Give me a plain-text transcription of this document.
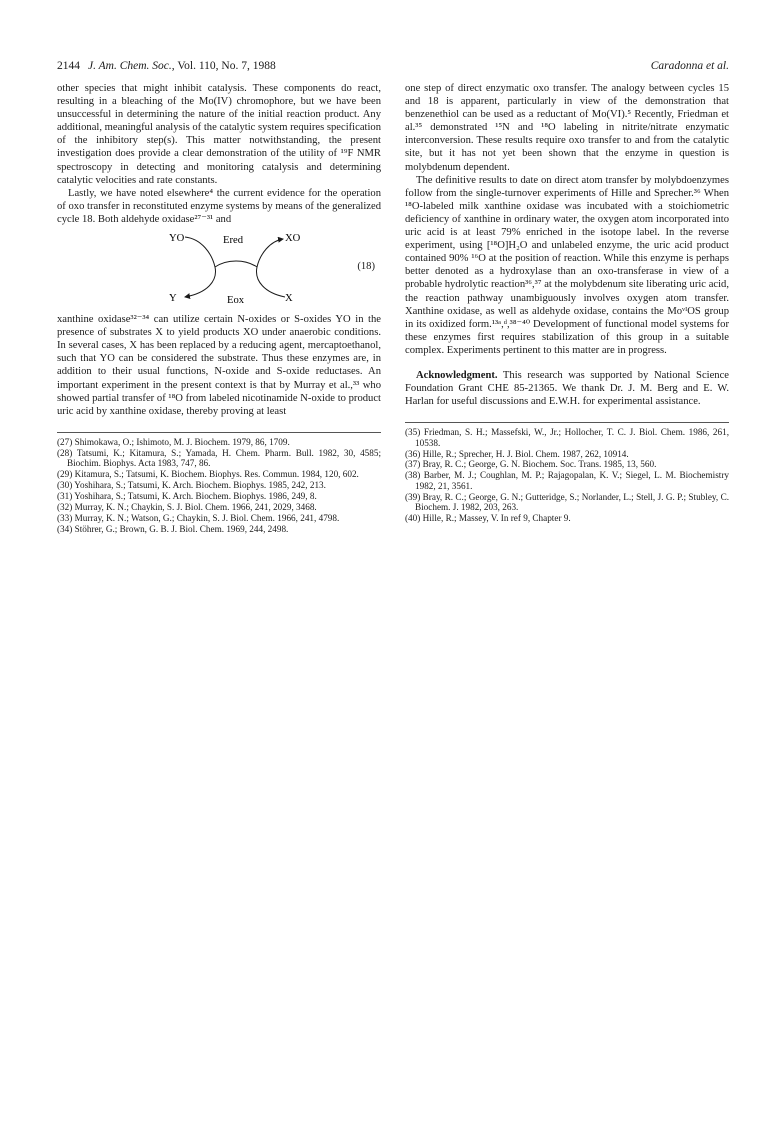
2144 J. Am. Chem. Soc., Vol. 110, No. 7, 1988	Caradonna et al.

other species that might inhibit catalysis. These components do react, resulting in a bleaching of the Mo(IV) chromophore, but we have been unsuccessful in determining the nature of the initial reaction product. Any additional, meaningful analysis of the catalytic system requires specification of the inhibitory step(s). This matter notwithstanding, the present investigation does provide a clear demonstration of the utility of ¹⁹F NMR spectroscopy in detecting and monitoring catalysis and determining catalytic velocities and rate constants.

Lastly, we have noted elsewhere⁴ the current evidence for the operation of oxo transfer in reconstituted enzyme systems by means of the generalized cycle 18. Both aldehyde oxidase²⁷⁻³¹ and

YO	Ered	XO
Y	Eox	X
(18)

xanthine oxidase³²⁻³⁴ can utilize certain N-oxides or S-oxides YO in the presence of substrates X to yield products XO under anaerobic conditions. In several cases, X has been replaced by a reducing agent, mercaptoethanol, such that YO can be considered the substrate. Thus these enzymes are, in addition to their usual functions, N-oxide and S-oxide reductases. An important experiment in the present context is that by Murray et al.,³³ who showed partial transfer of ¹⁸O from labeled nicotinamide N-oxide to product uric acid by xanthine oxidase, thereby proving at least

(27) Shimokawa, O.; Ishimoto, M. J. Biochem. 1979, 86, 1709.

(28) Tatsumi, K.; Kitamura, S.; Yamada, H. Chem. Pharm. Bull. 1982, 30, 4585; Biochim. Biophys. Acta 1983, 747, 86.

(29) Kitamura, S.; Tatsumi, K. Biochem. Biophys. Res. Commun. 1984, 120, 602.

(30) Yoshihara, S.; Tatsumi, K. Arch. Biochem. Biophys. 1985, 242, 213.

(31) Yoshihara, S.; Tatsumi, K. Arch. Biochem. Biophys. 1986, 249, 8.

(32) Murray, K. N.; Chaykin, S. J. Biol. Chem. 1966, 241, 2029, 3468.

(33) Murray, K. N.; Watson, G.; Chaykin, S. J. Biol. Chem. 1966, 241, 4798.

(34) Stöhrer, G.; Brown, G. B. J. Biol. Chem. 1969, 244, 2498.

one step of direct enzymatic oxo transfer. The analogy between cycles 15 and 18 is apparent, particularly in view of the demonstration that benzenethiol can be used as a reductant of Mo(VI).⁵ Recently, Friedman et al.³⁵ demonstrated ¹⁵N and ¹⁸O labeling in nitrite/nitrate enzymatic interconversion. These results require oxo transfer to and from the catalytic site, but it has not yet been shown that the enzyme in question is molybdenum dependent.

The definitive results to date on direct atom transfer by molybdoenzymes follow from the single-turnover experiments of Hille and Sprecher.³⁶ When ¹⁸O-labeled milk xanthine oxidase was incubated with a stoichiometric deficiency of xanthine in ordinary water, the oxygen atom incorporated into uric acid is at least 79% enriched in the isotope label. In the reverse experiment, using [¹⁸O]H₂O and unlabeled enzyme, the uric acid product contained 90% ¹⁶O at the position of reaction. While this enzyme is perhaps better denoted as a hydroxylase than an oxo-transferase in view of a probable hydrolytic reaction³⁶,³⁷ at the molybdenum site liberating uric acid, the reaction pathway unambiguously involves oxygen atom transfer. Xanthine oxidase, as well as aldehyde oxidase, contains the MoᵛᴵOS group in its oxidized form.¹³ᵃ,ᵈ,³⁸⁻⁴⁰ Development of functional model systems for these enzymes first requires stabilization of this group in a suitable complex. Experiments pertinent to this matter are in progress.

Acknowledgment. This research was supported by National Science Foundation Grant CHE 85-21365. We thank Dr. J. M. Berg and E. W. Harlan for useful discussions and E.W.H. for experimental assistance.

(35) Friedman, S. H.; Massefski, W., Jr.; Hollocher, T. C. J. Biol. Chem. 1986, 261, 10538.

(36) Hille, R.; Sprecher, H. J. Biol. Chem. 1987, 262, 10914.

(37) Bray, R. C.; George, G. N. Biochem. Soc. Trans. 1985, 13, 560.

(38) Barber, M. J.; Coughlan, M. P.; Rajagopalan, K. V.; Siegel, L. M. Biochemistry 1982, 21, 3561.

(39) Bray, R. C.; George, G. N.; Gutteridge, S.; Norlander, L.; Stell, J. G. P.; Stubley, C. Biochem. J. 1982, 203, 263.

(40) Hille, R.; Massey, V. In ref 9, Chapter 9.
